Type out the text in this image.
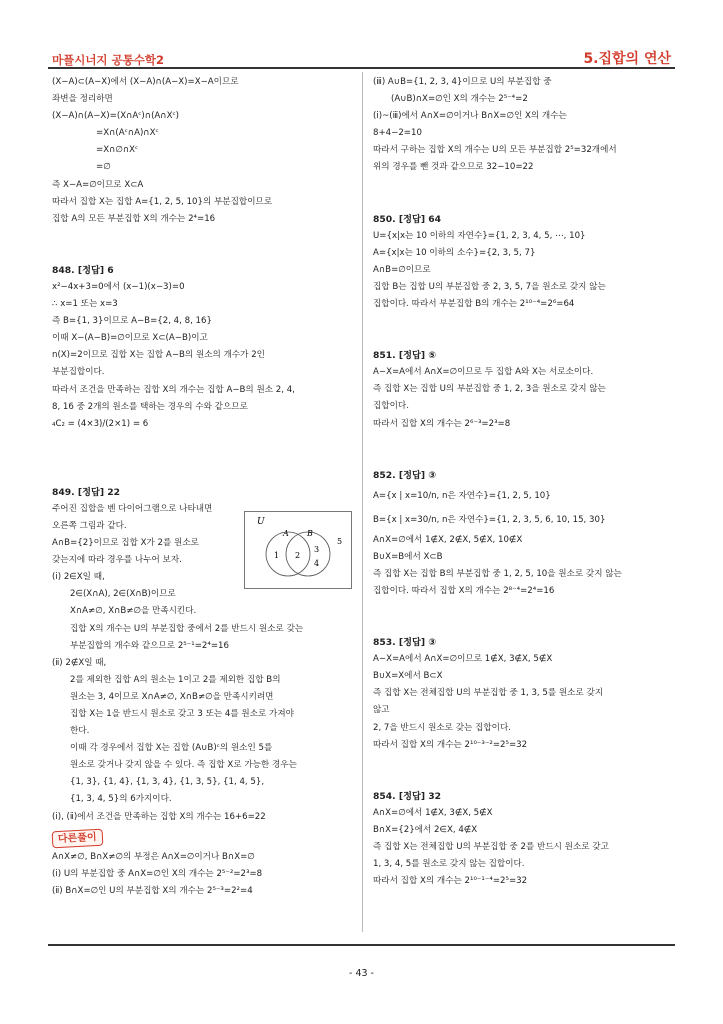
마플시너지 공통수학2	5.집합의 연산
(X−A)⊂(A−X)에서 (X−A)∩(A−X)=X−A이므로
좌변을 정리하면
(X−A)∩(A−X)=(X∩Aᶜ)∩(A∩Xᶜ)
=X∩(Aᶜ∩A)∩Xᶜ
=X∩∅∩Xᶜ
=∅
즉 X−A=∅이므로 X⊂A
따라서 집합 X는 집합 A={1, 2, 5, 10}의 부분집합이므로
집합 A의 모든 부분집합 X의 개수는 2⁴=16
848. [정답] 6
x²−4x+3=0에서 (x−1)(x−3)=0
∴ x=1 또는 x=3
즉 B={1, 3}이므로 A−B={2, 4, 8, 16}
이때 X−(A−B)=∅이므로 X⊂(A−B)이고
n(X)=2이므로 집합 X는 집합 A−B의 원소의 개수가 2인
부분집합이다.
따라서 조건을 만족하는 집합 X의 개수는 집합 A−B의 원소 2, 4,
8, 16 중 2개의 원소를 택하는 경우의 수와 같으므로
₄C₂ = (4×3)/(2×1) = 6
849. [정답] 22
주어진 집합을 벤 다이어그램으로 나타내면
오른쪽 그림과 같다.
A∩B={2}이므로 집합 X가 2를 원소로
갖는지에 따라 경우를 나누어 보자.
(ⅰ) 2∈X일 때,
2∈(X∩A), 2∈(X∩B)이므로
X∩A≠∅, X∩B≠∅을 만족시킨다.
집합 X의 개수는 U의 부분집합 중에서 2를 반드시 원소로 갖는
부분집합의 개수와 같으므로 2⁵⁻¹=2⁴=16
(ⅱ) 2∉X일 때,
2를 제외한 집합 A의 원소는 1이고 2를 제외한 집합 B의
원소는 3, 4이므로 X∩A≠∅, X∩B≠∅을 만족시키려면
집합 X는 1을 반드시 원소로 갖고 3 또는 4를 원소로 가져야
한다.
이때 각 경우에서 집합 X는 집합 (A∪B)ᶜ의 원소인 5를
원소로 갖거나 갖지 않을 수 있다. 즉 집합 X로 가능한 경우는
{1, 3}, {1, 4}, {1, 3, 4}, {1, 3, 5}, {1, 4, 5},
{1, 3, 4, 5}의 6가지이다.
(ⅰ), (ⅱ)에서 조건을 만족하는 집합 X의 개수는 16+6=22
다른풀이
A∩X≠∅, B∩X≠∅의 부정은 A∩X=∅이거나 B∩X=∅
(ⅰ) U의 부분집합 중 A∩X=∅인 X의 개수는 2⁵⁻²=2³=8
(ⅱ) B∩X=∅인 U의 부분집합 X의 개수는 2⁵⁻³=2²=4
U
A B
1 2
3
4
5
(ⅲ) A∪B={1, 2, 3, 4}이므로 U의 부분집합 중
(A∪B)∩X=∅인 X의 개수는 2⁵⁻⁴=2
(ⅰ)~(ⅲ)에서 A∩X=∅이거나 B∩X=∅인 X의 개수는
8+4−2=10
따라서 구하는 집합 X의 개수는 U의 모든 부분집합 2⁵=32개에서
위의 경우를 뺀 것과 같으므로 32−10=22
850. [정답] 64
U={x|x는 10 이하의 자연수}={1, 2, 3, 4, 5, ⋯, 10}
A={x|x는 10 이하의 소수}={2, 3, 5, 7}
A∩B=∅이므로
집합 B는 집합 U의 부분집합 중 2, 3, 5, 7을 원소로 갖지 않는
집합이다. 따라서 부분집합 B의 개수는 2¹⁰⁻⁴=2⁶=64
851. [정답] ⑤
A−X=A에서 A∩X=∅이므로 두 집합 A와 X는 서로소이다.
즉 집합 X는 집합 U의 부분집합 중 1, 2, 3을 원소로 갖지 않는
집합이다.
따라서 집합 X의 개수는 2⁶⁻³=2³=8
852. [정답] ③
A={x | x=10/n, n은 자연수}={1, 2, 5, 10}
B={x | x=30/n, n은 자연수}={1, 2, 3, 5, 6, 10, 15, 30}
A∩X=∅에서 1∉X, 2∉X, 5∉X, 10∉X
B∪X=B에서 X⊂B
즉 집합 X는 집합 B의 부분집합 중 1, 2, 5, 10을 원소로 갖지 않는
집합이다. 따라서 집합 X의 개수는 2⁸⁻⁴=2⁴=16
853. [정답] ③
A−X=A에서 A∩X=∅이므로 1∉X, 3∉X, 5∉X
B∪X=X에서 B⊂X
즉 집합 X는 전체집합 U의 부분집합 중 1, 3, 5를 원소로 갖지
않고
2, 7을 반드시 원소로 갖는 집합이다.
따라서 집합 X의 개수는 2¹⁰⁻³⁻²=2⁵=32
854. [정답] 32
A∩X=∅에서 1∉X, 3∉X, 5∉X
B∩X={2}에서 2∈X, 4∉X
즉 집합 X는 전체집합 U의 부분집합 중 2를 반드시 원소로 갖고
1, 3, 4, 5를 원소로 갖지 않는 집합이다.
따라서 집합 X의 개수는 2¹⁰⁻¹⁻⁴=2⁵=32
- 43 -
